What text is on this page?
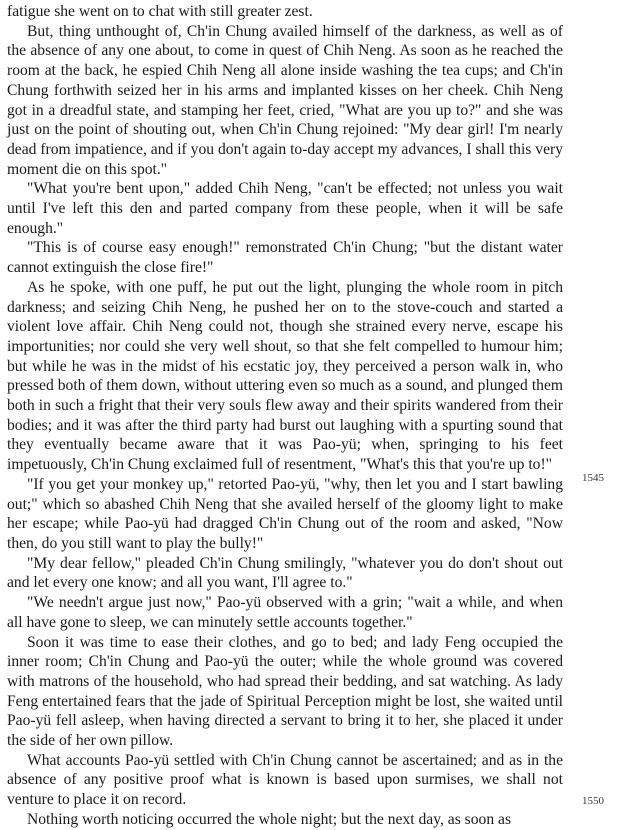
fatigue she went on to chat with still greater zest.

But, thing unthought of, Ch'in Chung availed himself of the darkness, as well as of the absence of any one about, to come in quest of Chih Neng. As soon as he reached the room at the back, he espied Chih Neng all alone inside washing the tea cups; and Ch'in Chung forthwith seized her in his arms and implanted kisses on her cheek. Chih Neng got in a dreadful state, and stamping her feet, cried, "What are you up to?" and she was just on the point of shouting out, when Ch'in Chung rejoined: "My dear girl! I'm nearly dead from impatience, and if you don't again to-day accept my advances, I shall this very moment die on this spot."

"What you're bent upon," added Chih Neng, "can't be effected; not unless you wait until I've left this den and parted company from these people, when it will be safe enough."

"This is of course easy enough!" remonstrated Ch'in Chung; "but the distant water cannot extinguish the close fire!"

As he spoke, with one puff, he put out the light, plunging the whole room in pitch darkness; and seizing Chih Neng, he pushed her on to the stove-couch and started a violent love affair. Chih Neng could not, though she strained every nerve, escape his importunities; nor could she very well shout, so that she felt compelled to humour him; but while he was in the midst of his ecstatic joy, they perceived a person walk in, who pressed both of them down, without uttering even so much as a sound, and plunged them both in such a fright that their very souls flew away and their spirits wandered from their bodies; and it was after the third party had burst out laughing with a spurting sound that they eventually became aware that it was Pao-yü; when, springing to his feet impetuously, Ch'in Chung exclaimed full of resentment, "What's this that you're up to!"

"If you get your monkey up," retorted Pao-yü, "why, then let you and I start bawling out;" which so abashed Chih Neng that she availed herself of the gloomy light to make her escape; while Pao-yü had dragged Ch'in Chung out of the room and asked, "Now then, do you still want to play the bully!"

"My dear fellow," pleaded Ch'in Chung smilingly, "whatever you do don't shout out and let every one know; and all you want, I'll agree to."

"We needn't argue just now," Pao-yü observed with a grin; "wait a while, and when all have gone to sleep, we can minutely settle accounts together."

Soon it was time to ease their clothes, and go to bed; and lady Feng occupied the inner room; Ch'in Chung and Pao-yü the outer; while the whole ground was covered with matrons of the household, who had spread their bedding, and sat watching. As lady Feng entertained fears that the jade of Spiritual Perception might be lost, she waited until Pao-yü fell asleep, when having directed a servant to bring it to her, she placed it under the side of her own pillow.

What accounts Pao-yü settled with Ch'in Chung cannot be ascertained; and as in the absence of any positive proof what is known is based upon surmises, we shall not venture to place it on record.

Nothing worth noticing occurred the whole night; but the next day, as soon as

1545
1550
